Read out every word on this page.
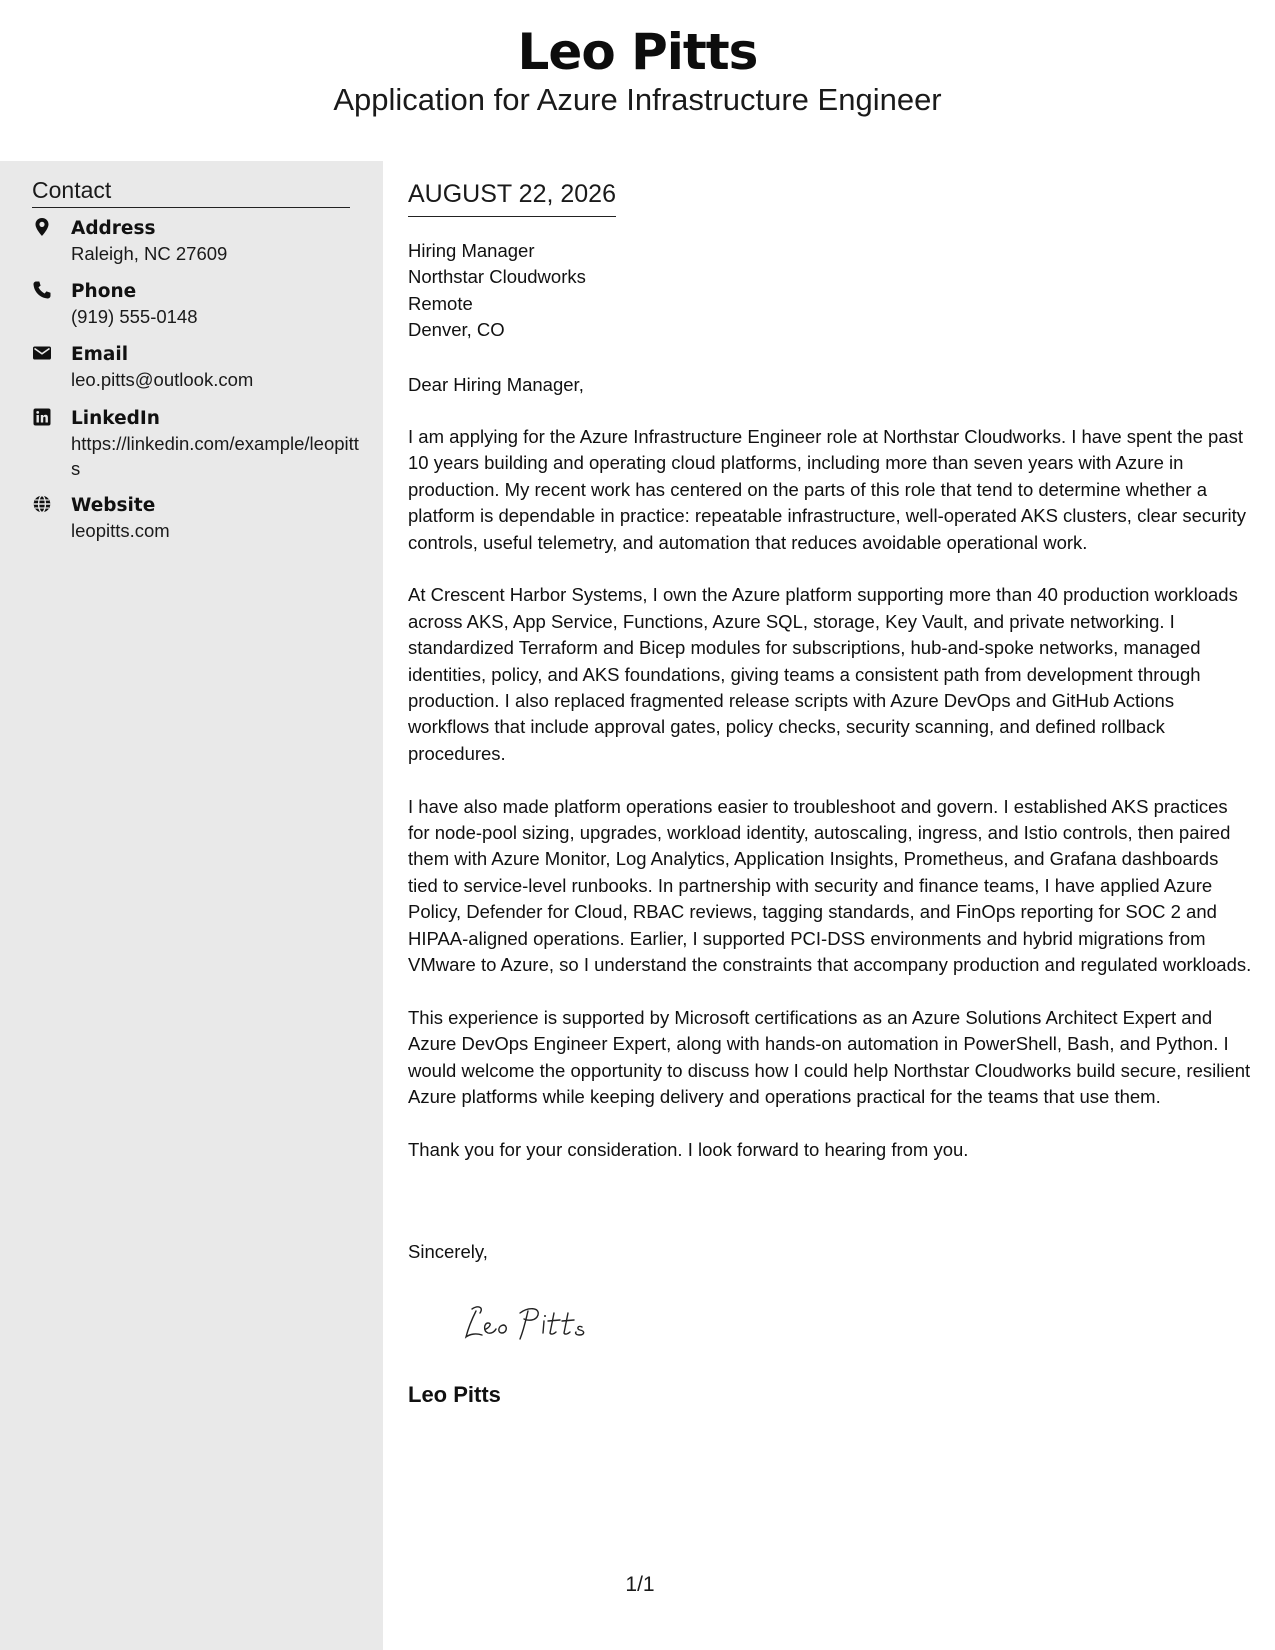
Leo Pitts
Application for Azure Infrastructure Engineer
Contact
Address
Raleigh, NC 27609
Phone
(919) 555-0148
Email
leo.pitts@outlook.com
LinkedIn
https://linkedin.com/example/leopitts
Website
leopitts.com
AUGUST 22, 2026
Hiring Manager
Northstar Cloudworks
Remote
Denver, CO
Dear Hiring Manager,

I am applying for the Azure Infrastructure Engineer role at Northstar Cloudworks. I have spent the past 10 years building and operating cloud platforms, including more than seven years with Azure in production. My recent work has centered on the parts of this role that tend to determine whether a platform is dependable in practice: repeatable infrastructure, well-operated AKS clusters, clear security controls, useful telemetry, and automation that reduces avoidable operational work.

At Crescent Harbor Systems, I own the Azure platform supporting more than 40 production workloads across AKS, App Service, Functions, Azure SQL, storage, Key Vault, and private networking. I standardized Terraform and Bicep modules for subscriptions, hub-and-spoke networks, managed identities, policy, and AKS foundations, giving teams a consistent path from development through production. I also replaced fragmented release scripts with Azure DevOps and GitHub Actions workflows that include approval gates, policy checks, security scanning, and defined rollback procedures.

I have also made platform operations easier to troubleshoot and govern. I established AKS practices for node-pool sizing, upgrades, workload identity, autoscaling, ingress, and Istio controls, then paired them with Azure Monitor, Log Analytics, Application Insights, Prometheus, and Grafana dashboards tied to service-level runbooks. In partnership with security and finance teams, I have applied Azure Policy, Defender for Cloud, RBAC reviews, tagging standards, and FinOps reporting for SOC 2 and HIPAA-aligned operations. Earlier, I supported PCI-DSS environments and hybrid migrations from VMware to Azure, so I understand the constraints that accompany production and regulated workloads.

This experience is supported by Microsoft certifications as an Azure Solutions Architect Expert and Azure DevOps Engineer Expert, along with hands-on automation in PowerShell, Bash, and Python. I would welcome the opportunity to discuss how I could help Northstar Cloudworks build secure, resilient Azure platforms while keeping delivery and operations practical for the teams that use them.

Thank you for your consideration. I look forward to hearing from you.

Sincerely,
Leo Pitts
Leo Pitts
1/1
